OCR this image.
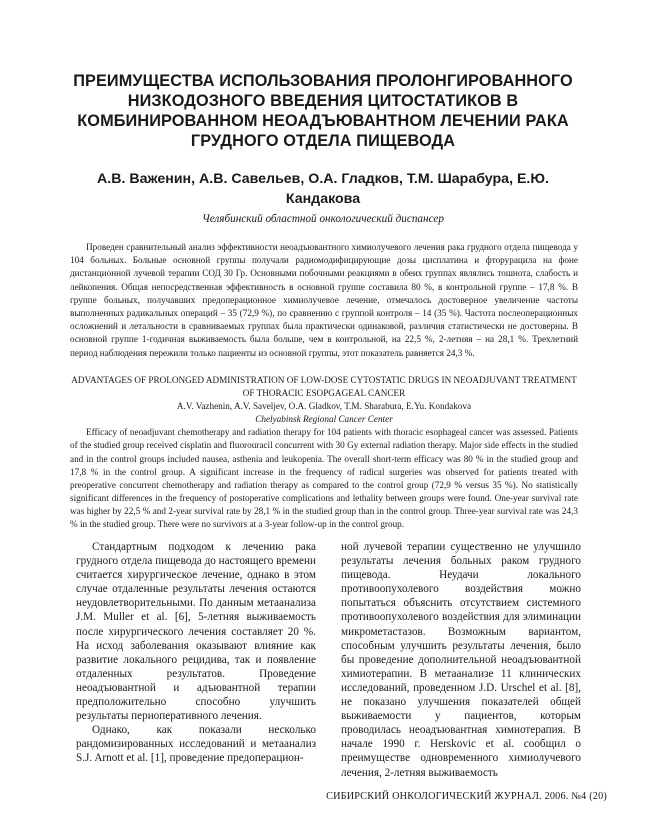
ПРЕИМУЩЕСТВА ИСПОЛЬЗОВАНИЯ ПРОЛОНГИРОВАННОГО НИЗКОДОЗНОГО ВВЕДЕНИЯ ЦИТОСТАТИКОВ В КОМБИНИРОВАННОМ НЕОАДЪЮВАНТНОМ ЛЕЧЕНИИ РАКА ГРУДНОГО ОТДЕЛА ПИЩЕВОДА

А.В. Важенин, А.В. Савельев, О.А. Гладков, Т.М. Шарабура, Е.Ю. Кандакова

Челябинский областной онкологический диспансер

Проведен сравнительный анализ эффективности неоадъювантного химиолучевого лечения рака грудного отдела пищевода у 104 больных. Больные основной группы получали радиомодифицирующие дозы цисплатина и фторурацила на фоне дистанционной лучевой терапии СОД 30 Гр. Основными побочными реакциями в обеих группах являлись тошнота, слабость и лейкопения. Общая непосредственная эффективность в основной группе составила 80 %, в контрольной группе – 17,8 %. В группе больных, получавших предоперационное химиолучевое лечение, отмечалось достоверное увеличение частоты выполненных радикальных операций – 35 (72,9 %), по сравнению с группой контроля – 14 (35 %). Частота послеоперационных осложнений и летальности в сравниваемых группах была практически одинаковой, различия статистически не достоверны. В основной группе 1-годичная выживаемость была больше, чем в контрольной, на 22,5 %, 2-летняя – на 28,1 %. Трехлетний период наблюдения пережили только пациенты из основной группы, этот показатель равняется 24,3 %.

ADVANTAGES OF PROLONGED ADMINISTRATION OF LOW-DOSE CYTOSTATIC DRUGS IN NEOADJUVANT TREATMENT OF THORACIC ESOPGAGEAL CANCER

A.V. Vazhenin, A.V. Saveljev, O.A. Gladkov, T.M. Sharabura, E.Yu. Kondakova

Chelyabinsk Regional Cancer Center

Efficacy of neoadjuvant chemotherapy and radiation therapy for 104 patients with thoracic esophageal cancer was assessed. Patients of the studied group received cisplatin and fluorouracil concurrent with 30 Gy external radiation therapy. Major side effects in the studied and in the control groups included nausea, asthenia and leukopenia. The overall short-term efficacy was 80 % in the studied group and 17,8 % in the control group. A significant increase in the frequency of radical surgeries was observed for patients treated with preoperative concurrent chemotherapy and radiation therapy as compared to the control group (72,9 % versus 35 %). No statistically significant differences in the frequency of postoperative complications and lethality between groups were found. One-year survival rate was higher by 22,5 % and 2-year survival rate by 28,1 % in the studied group than in the control group. Three-year survival rate was 24,3 % in the studied group. There were no survivors at a 3-year follow-up in the control group.

Стандартным подходом к лечению рака грудного отдела пищевода до настоящего времени считается хирургическое лечение, однако в этом случае отдаленные результаты лечения остаются неудовлетворительными. По данным метаанализа J.M. Muller et al. [6], 5-летняя выживаемость после хирургического лечения составляет 20 %. На исход заболевания оказывают влияние как развитие локального рецидива, так и появление отдаленных результатов. Проведение неоадъювантной и адъювантной терапии предположительно способно улучшить результаты периоперативного лечения.

Однако, как показали несколько рандомизированных исследований и метаанализ S.J. Arnott et al. [1], проведение предоперацион-

ной лучевой терапии существенно не улучшило результаты лечения больных раком грудного пищевода. Неудачи локального противоопухолевого воздействия можно попытаться объяснить отсутствием системного противоопухолевого воздействия для элиминации микрометастазов. Возможным вариантом, способным улучшить результаты лечения, было бы проведение дополнительной неоадъювантной химиотерапии. В метаанализе 11 клинических исследований, проведенном J.D. Urschel et al. [8], не показано улучшения показателей общей выживаемости у пациентов, которым проводилась неоадъювантная химиотерапия. В начале 1990 г. Herskovic et al. сообщил о преимуществе одновременного химиолучевого лечения, 2-летняя выживаемость

СИБИРСКИЙ ОНКОЛОГИЧЕСКИЙ ЖУРНАЛ. 2006. №4 (20)
